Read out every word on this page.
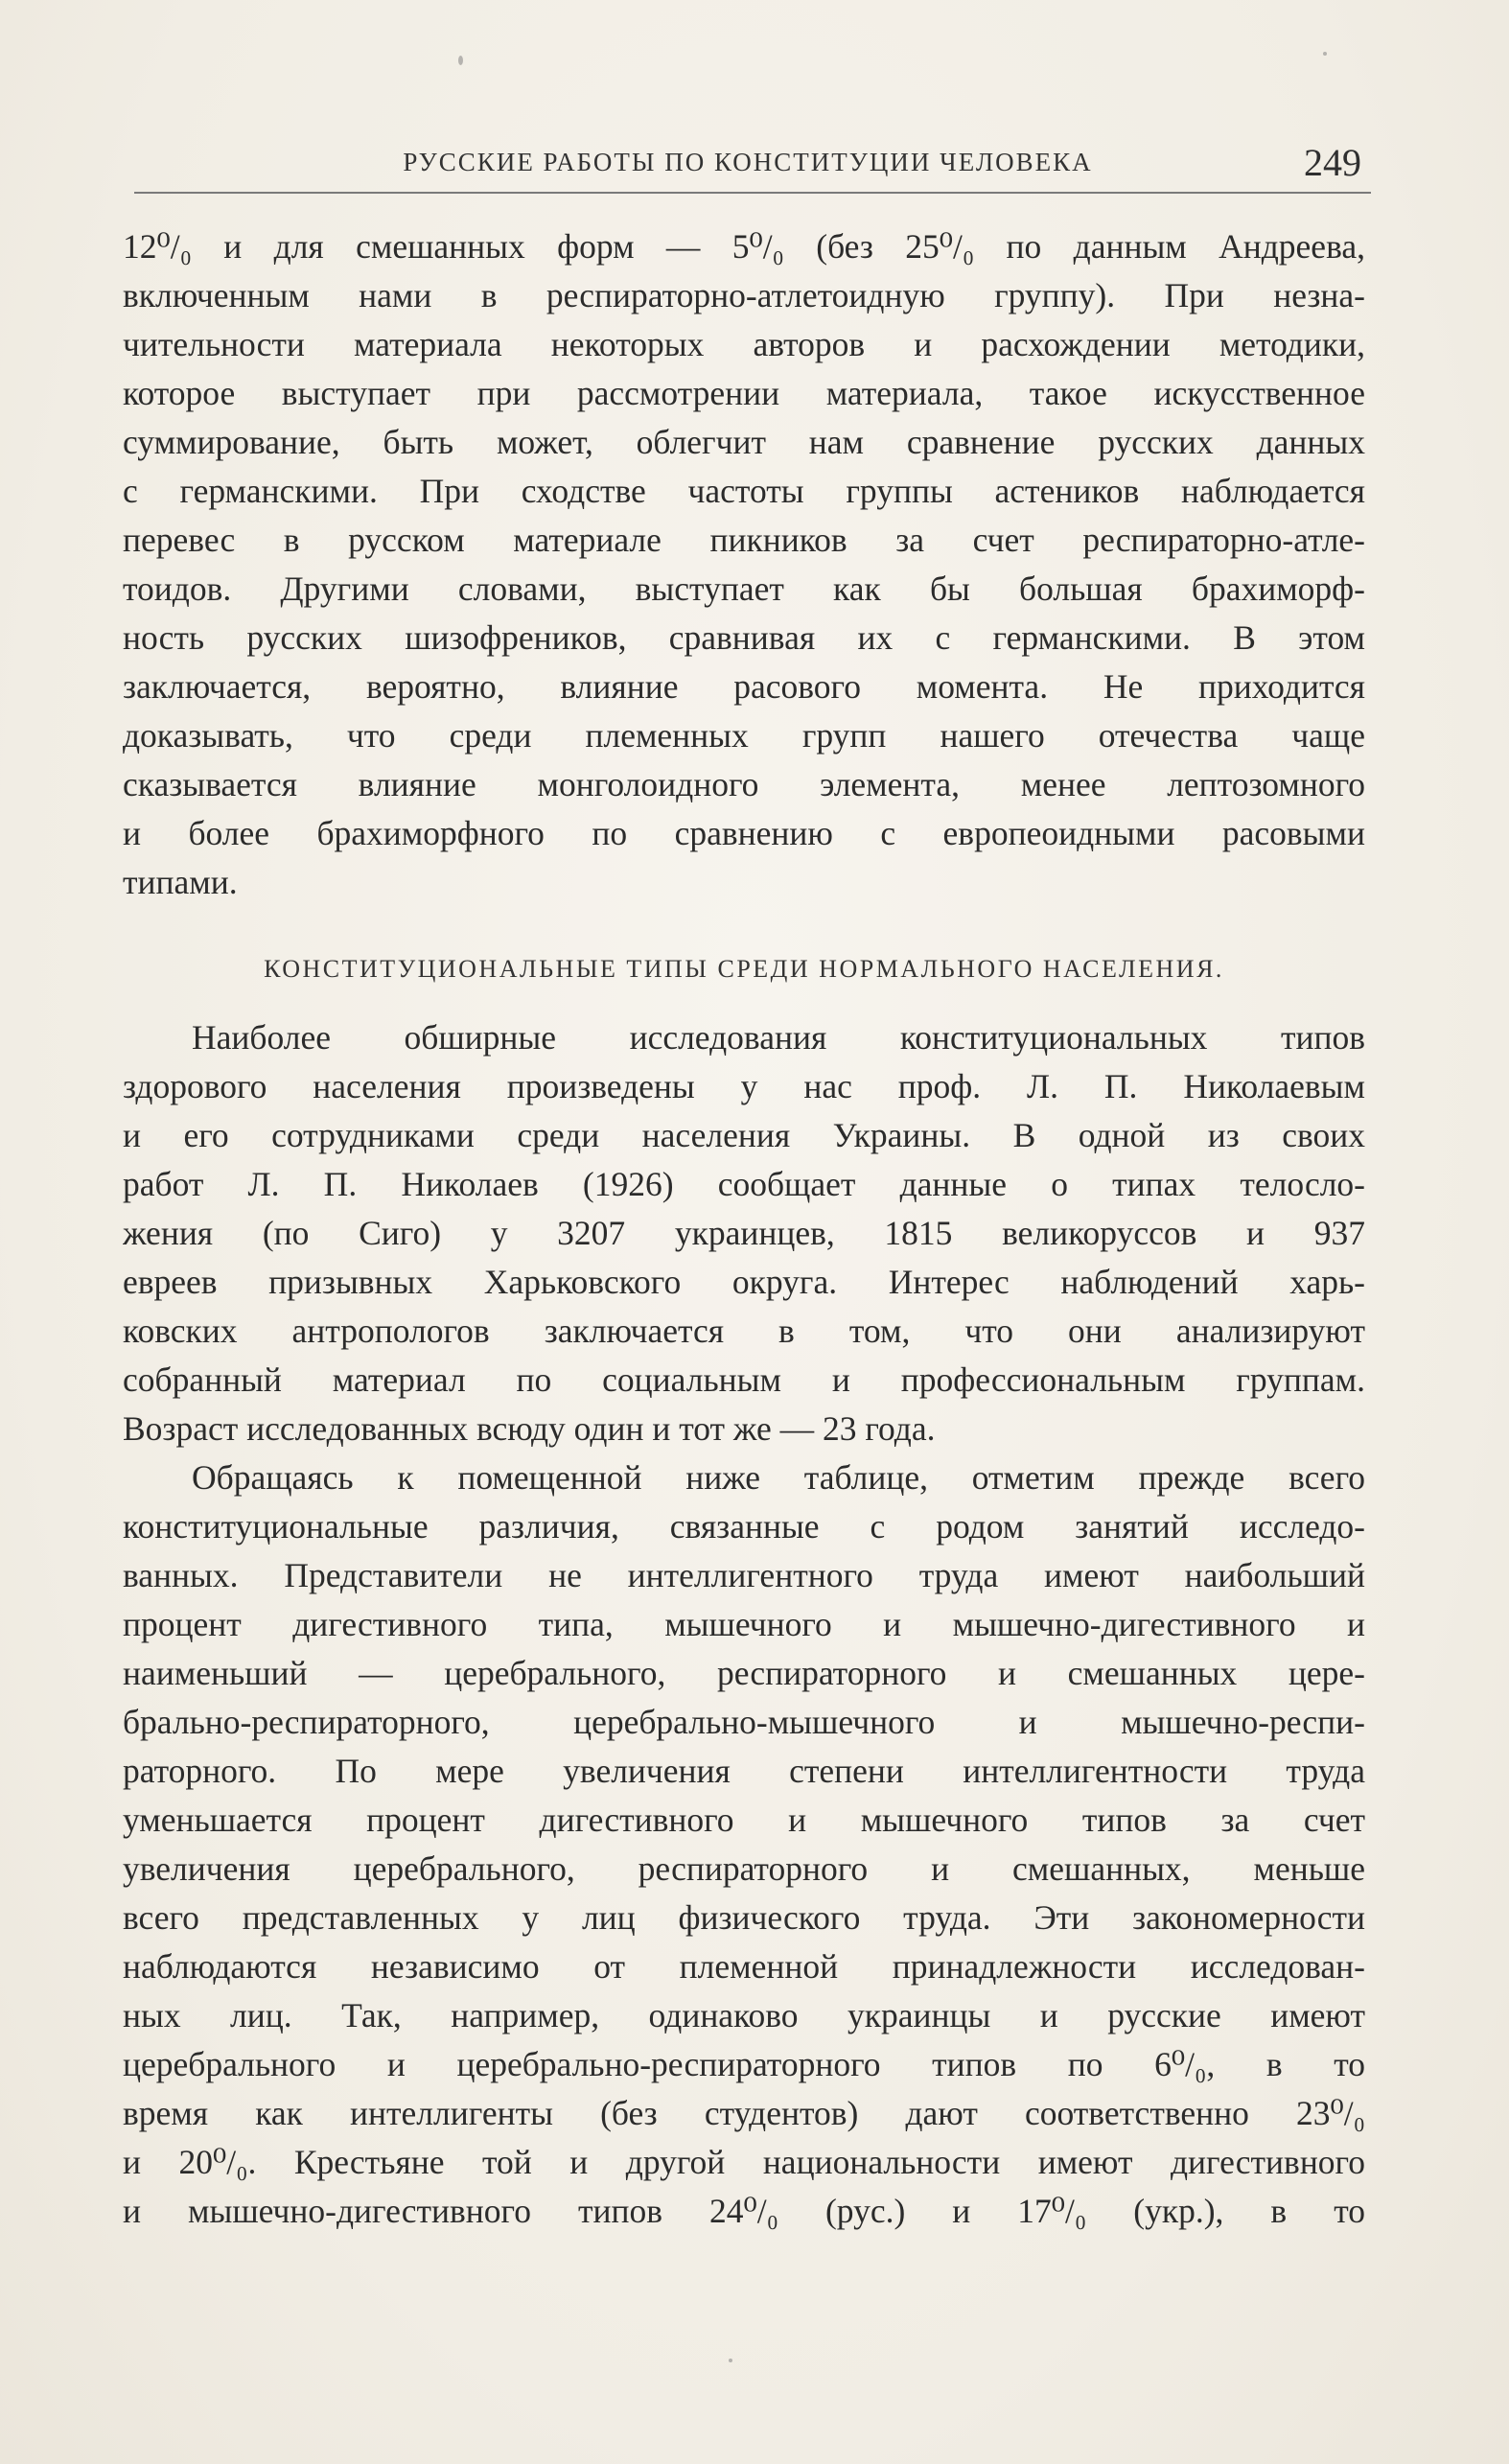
РУССКИЕ РАБОТЫ ПО КОНСТИТУЦИИ ЧЕЛОВЕКА	249
12⁰/₀ и для смешанных форм — 5⁰/₀ (без 25⁰/₀ по данным Андреева,
включенным нами в респираторно-атлетоидную группу). При незна-
чительности материала некоторых авторов и расхождении методики,
которое выступает при рассмотрении материала, такое искусственное
суммирование, быть может, облегчит нам сравнение русских данных
с германскими. При сходстве частоты группы астеников наблюдается
перевес в русском материале пикников за счет респираторно-атле-
тоидов. Другими словами, выступает как бы большая брахиморф-
ность русских шизофреников, сравнивая их с германскими. В этом
заключается, вероятно, влияние расового момента. Не приходится
доказывать, что среди племенных групп нашего отечества чаще
сказывается влияние монголоидного элемента, менее лептозомного
и более брахиморфного по сравнению с европеоидными расовыми
типами.
КОНСТИТУЦИОНАЛЬНЫЕ ТИПЫ СРЕДИ НОРМАЛЬНОГО НАСЕЛЕНИЯ.
Наиболее обширные исследования конституциональных типов
здорового населения произведены у нас проф. Л. П. Николаевым
и его сотрудниками среди населения Украины. В одной из своих
работ Л. П. Николаев (1926) сообщает данные о типах телосло-
жения (по Сиго) у 3207 украинцев, 1815 великоруссов и 937
евреев призывных Харьковского округа. Интерес наблюдений харь-
ковских антропологов заключается в том, что они анализируют
собранный материал по социальным и профессиональным группам.
Возраст исследованных всюду один и тот же — 23 года.
Обращаясь к помещенной ниже таблице, отметим прежде всего
конституциональные различия, связанные с родом занятий исследо-
ванных. Представители не интеллигентного труда имеют наибольший
процент дигестивного типа, мышечного и мышечно-дигестивного и
наименьший — церебрального, респираторного и смешанных цере-
брально-респираторного, церебрально-мышечного и мышечно-респи-
раторного. По мере увеличения степени интеллигентности труда
уменьшается процент дигестивного и мышечного типов за счет
увеличения церебрального, респираторного и смешанных, меньше
всего представленных у лиц физического труда. Эти закономерности
наблюдаются независимо от племенной принадлежности исследован-
ных лиц. Так, например, одинаково украинцы и русские имеют
церебрального и церебрально-респираторного типов по 6⁰/₀, в то
время как интеллигенты (без студентов) дают соответственно 23⁰/₀
и 20⁰/₀. Крестьяне той и другой национальности имеют дигестивного
и мышечно-дигестивного типов 24⁰/₀ (рус.) и 17⁰/₀ (укр.), в то
